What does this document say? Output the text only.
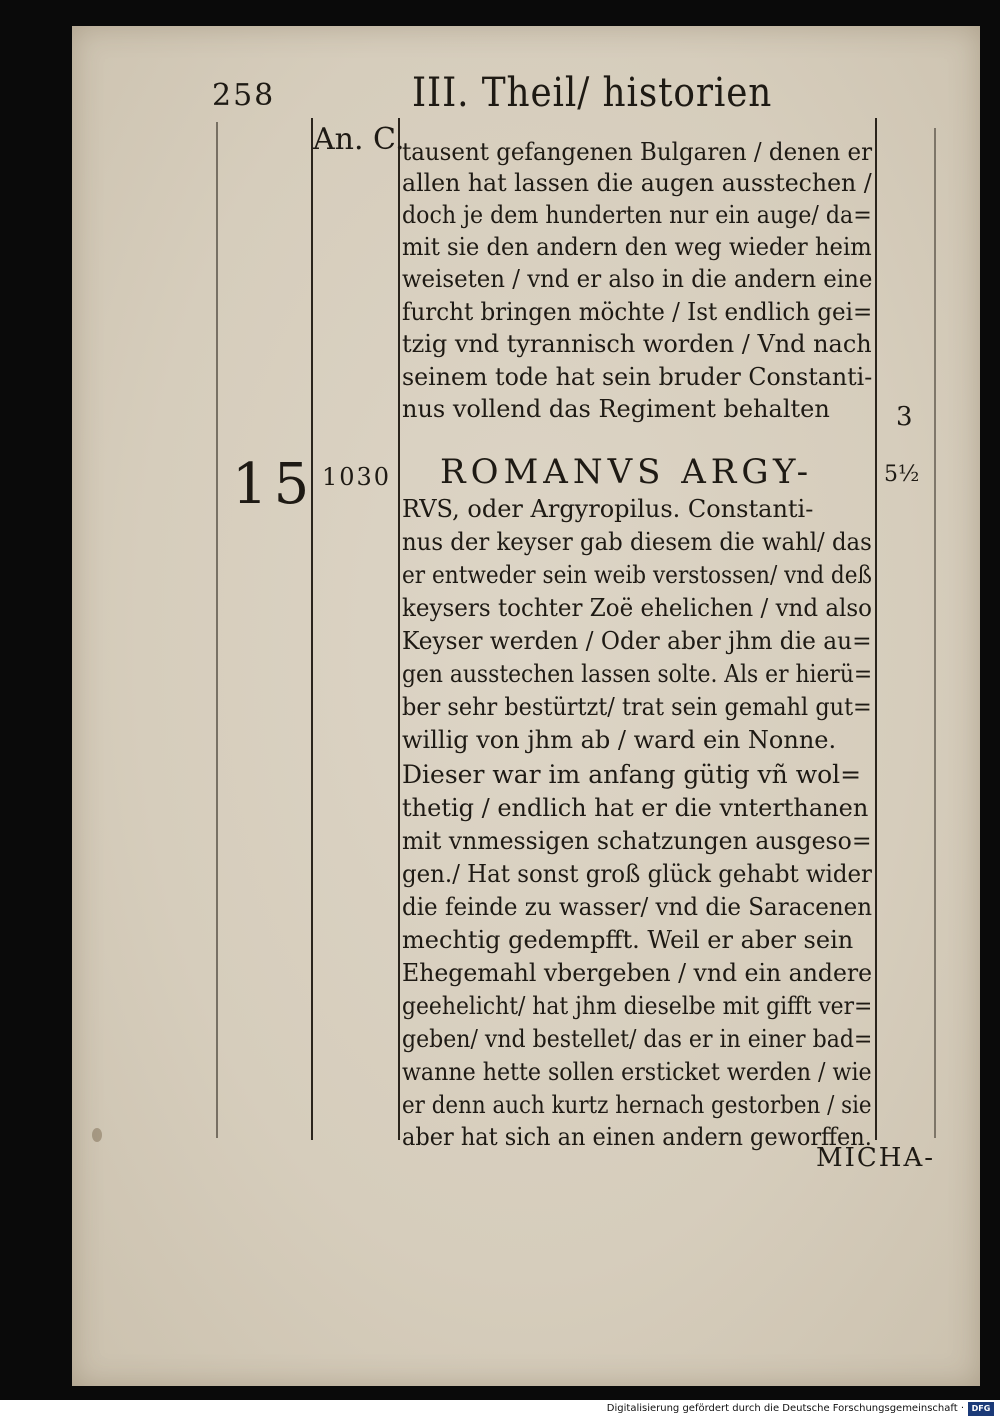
258	III. Theil/ historien
An. C.
15 1030
3
5½
tausent gefangenen Bulgaren / denen er
allen hat lassen die augen ausstechen /
doch je dem hunderten nur ein auge/ da=
mit sie den andern den weg wieder heim
weiseten / vnd er also in die andern eine
furcht bringen möchte / Ist endlich gei=
tzig vnd tyrannisch worden / Vnd nach
seinem tode hat sein bruder Constanti-
nus vollend das Regiment behalten
ROMANVS ARGY-
RVS, oder Argyropilus. Constanti-
nus der keyser gab diesem die wahl/ das
er entweder sein weib verstossen/ vnd deß
keysers tochter Zoë ehelichen / vnd also
Keyser werden / Oder aber jhm die au=
gen ausstechen lassen solte. Als er hierü=
ber sehr bestürtzt/ trat sein gemahl gut=
willig von jhm ab / ward ein Nonne.
Dieser war im anfang gütig vñ wol=
thetig / endlich hat er die vnterthanen
mit vnmessigen schatzungen ausgeso=
gen./ Hat sonst groß glück gehabt wider
die feinde zu wasser/ vnd die Saracenen
mechtig gedempfft. Weil er aber sein
Ehegemahl vbergeben / vnd ein andere
geehelicht/ hat jhm dieselbe mit gifft ver=
geben/ vnd bestellet/ das er in einer bad=
wanne hette sollen ersticket werden / wie
er denn auch kurtz hernach gestorben / sie
aber hat sich an einen andern geworffen.
MICHA-
Digitalisierung gefördert durch die Deutsche Forschungsgemeinschaft · DFG
